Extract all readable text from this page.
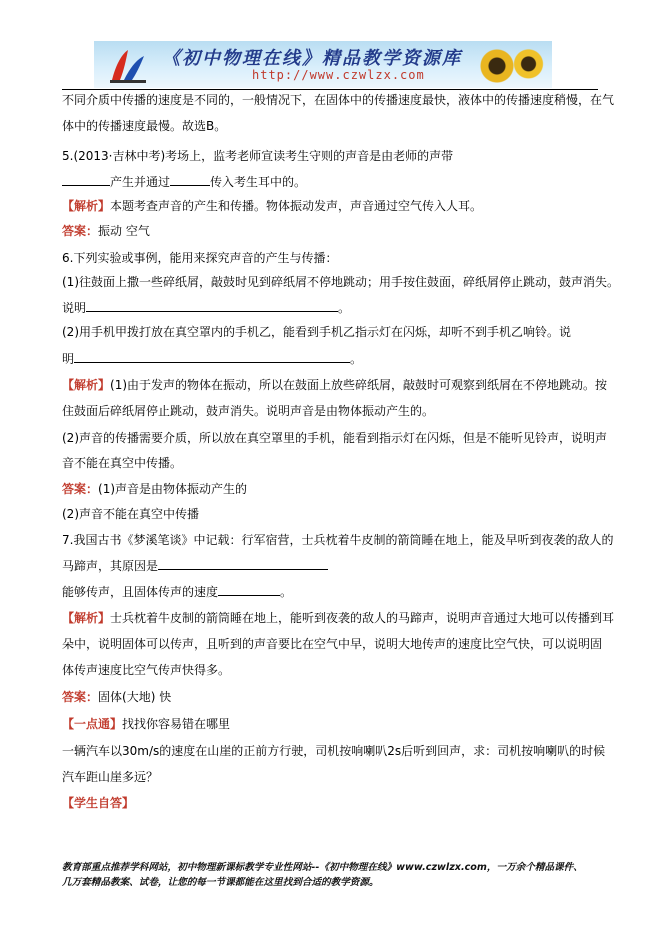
《初中物理在线》精品教学资源库
http://www.czwlzx.com
不同介质中传播的速度是不同的，一般情况下，在固体中的传播速度最快，液体中的传播速度稍慢，在气
体中的传播速度最慢。故选B。
5.(2013·吉林中考)考场上，监考老师宣读考生守则的声音是由老师的声带
产生并通过	传入考生耳中的。
【解析】本题考查声音的产生和传播。物体振动发声，声音通过空气传入人耳。
答案：振动 空气
6.下列实验或事例，能用来探究声音的产生与传播：
(1)往鼓面上撒一些碎纸屑，敲鼓时见到碎纸屑不停地跳动；用手按住鼓面，碎纸屑停止跳动，鼓声消失。
说明	。
(2)用手机甲拨打放在真空罩内的手机乙，能看到手机乙指示灯在闪烁，却听不到手机乙响铃。说
明	。
【解析】(1)由于发声的物体在振动，所以在鼓面上放些碎纸屑，敲鼓时可观察到纸屑在不停地跳动。按
住鼓面后碎纸屑停止跳动，鼓声消失。说明声音是由物体振动产生的。
(2)声音的传播需要介质，所以放在真空罩里的手机，能看到指示灯在闪烁，但是不能听见铃声，说明声
音不能在真空中传播。
答案：(1)声音是由物体振动产生的
(2)声音不能在真空中传播
7.我国古书《梦溪笔谈》中记载：行军宿营，士兵枕着牛皮制的箭筒睡在地上，能及早听到夜袭的敌人的
马蹄声，其原因是
能够传声，且固体传声的速度	。
【解析】士兵枕着牛皮制的箭筒睡在地上，能听到夜袭的敌人的马蹄声，说明声音通过大地可以传播到耳
朵中，说明固体可以传声，且听到的声音要比在空气中早，说明大地传声的速度比空气快，可以说明固
体传声速度比空气传声快得多。
答案：固体(大地) 快
【一点通】找找你容易错在哪里
一辆汽车以30m/s的速度在山崖的正前方行驶，司机按响喇叭2s后听到回声，求：司机按响喇叭的时候
汽车距山崖多远？
【学生自答】
教育部重点推荐学科网站，初中物理新课标教学专业性网站--《初中物理在线》www.czwlzx.com，一万余个精品课件、
几万套精品教案、试卷，让您的每一节课都能在这里找到合适的教学资源。
